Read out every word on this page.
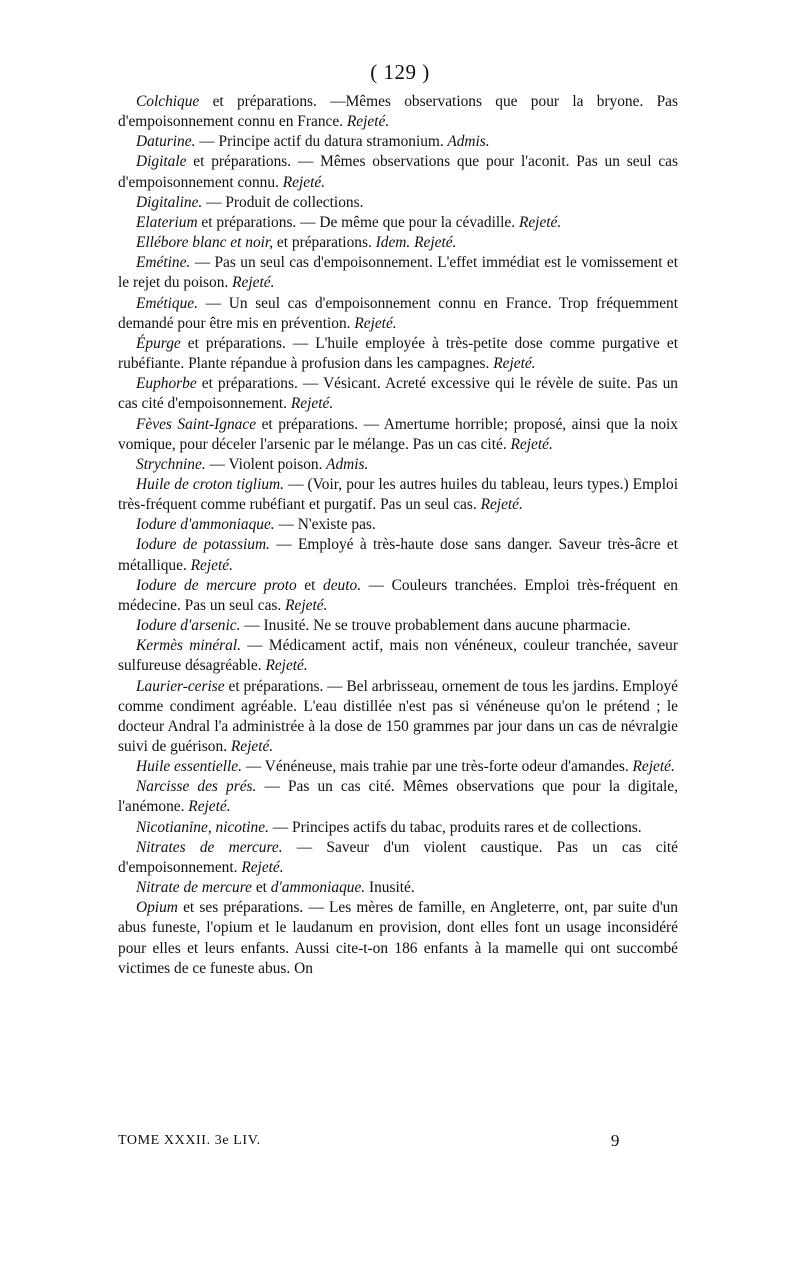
( 129 )

Colchique et préparations. —Mêmes observations que pour la bryone. Pas d'empoisonnement connu en France. Rejeté.

Daturine. — Principe actif du datura stramonium. Admis.

Digitale et préparations. — Mêmes observations que pour l'aconit. Pas un seul cas d'empoisonnement connu. Rejeté.

Digitaline. — Produit de collections.

Elaterium et préparations. — De même que pour la cévadille. Rejeté.

Ellébore blanc et noir, et préparations. Idem. Rejeté.

Emétine. — Pas un seul cas d'empoisonnement. L'effet immédiat est le vomissement et le rejet du poison. Rejeté.

Emétique. — Un seul cas d'empoisonnement connu en France. Trop fréquemment demandé pour être mis en prévention. Rejeté.

Épurge et préparations. — L'huile employée à très-petite dose comme purgative et rubéfiante. Plante répandue à profusion dans les campagnes. Rejeté.

Euphorbe et préparations. — Vésicant. Acreté excessive qui le révèle de suite. Pas un cas cité d'empoisonnement. Rejeté.

Fèves Saint-Ignace et préparations. — Amertume horrible; proposé, ainsi que la noix vomique, pour déceler l'arsenic par le mélange. Pas un cas cité. Rejeté.

Strychnine. — Violent poison. Admis.

Huile de croton tiglium. — (Voir, pour les autres huiles du tableau, leurs types.) Emploi très-fréquent comme rubéfiant et purgatif. Pas un seul cas. Rejeté.

Iodure d'ammoniaque. — N'existe pas.

Iodure de potassium. — Employé à très-haute dose sans danger. Saveur très-âcre et métallique. Rejeté.

Iodure de mercure proto et deuto. — Couleurs tranchées. Emploi très-fréquent en médecine. Pas un seul cas. Rejeté.

Iodure d'arsenic. — Inusité. Ne se trouve probablement dans aucune pharmacie.

Kermès minéral. — Médicament actif, mais non vénéneux, couleur tranchée, saveur sulfureuse désagréable. Rejeté.

Laurier-cerise et préparations. — Bel arbrisseau, ornement de tous les jardins. Employé comme condiment agréable. L'eau distillée n'est pas si vénéneuse qu'on le prétend ; le docteur Andral l'a administrée à la dose de 150 grammes par jour dans un cas de névralgie suivi de guérison. Rejeté.

Huile essentielle. — Vénéneuse, mais trahie par une très-forte odeur d'amandes. Rejeté.

Narcisse des prés. — Pas un cas cité. Mêmes observations que pour la digitale, l'anémone. Rejeté.

Nicotianine, nicotine. — Principes actifs du tabac, produits rares et de collections.

Nitrates de mercure. — Saveur d'un violent caustique. Pas un cas cité d'empoisonnement. Rejeté.

Nitrate de mercure et d'ammoniaque. Inusité.

Opium et ses préparations. — Les mères de famille, en Angleterre, ont, par suite d'un abus funeste, l'opium et le laudanum en provision, dont elles font un usage inconsidéré pour elles et leurs enfants. Aussi cite-t-on 186 enfants à la mamelle qui ont succombé victimes de ce funeste abus. On

TOME XXXII. 3e LIV.	9
